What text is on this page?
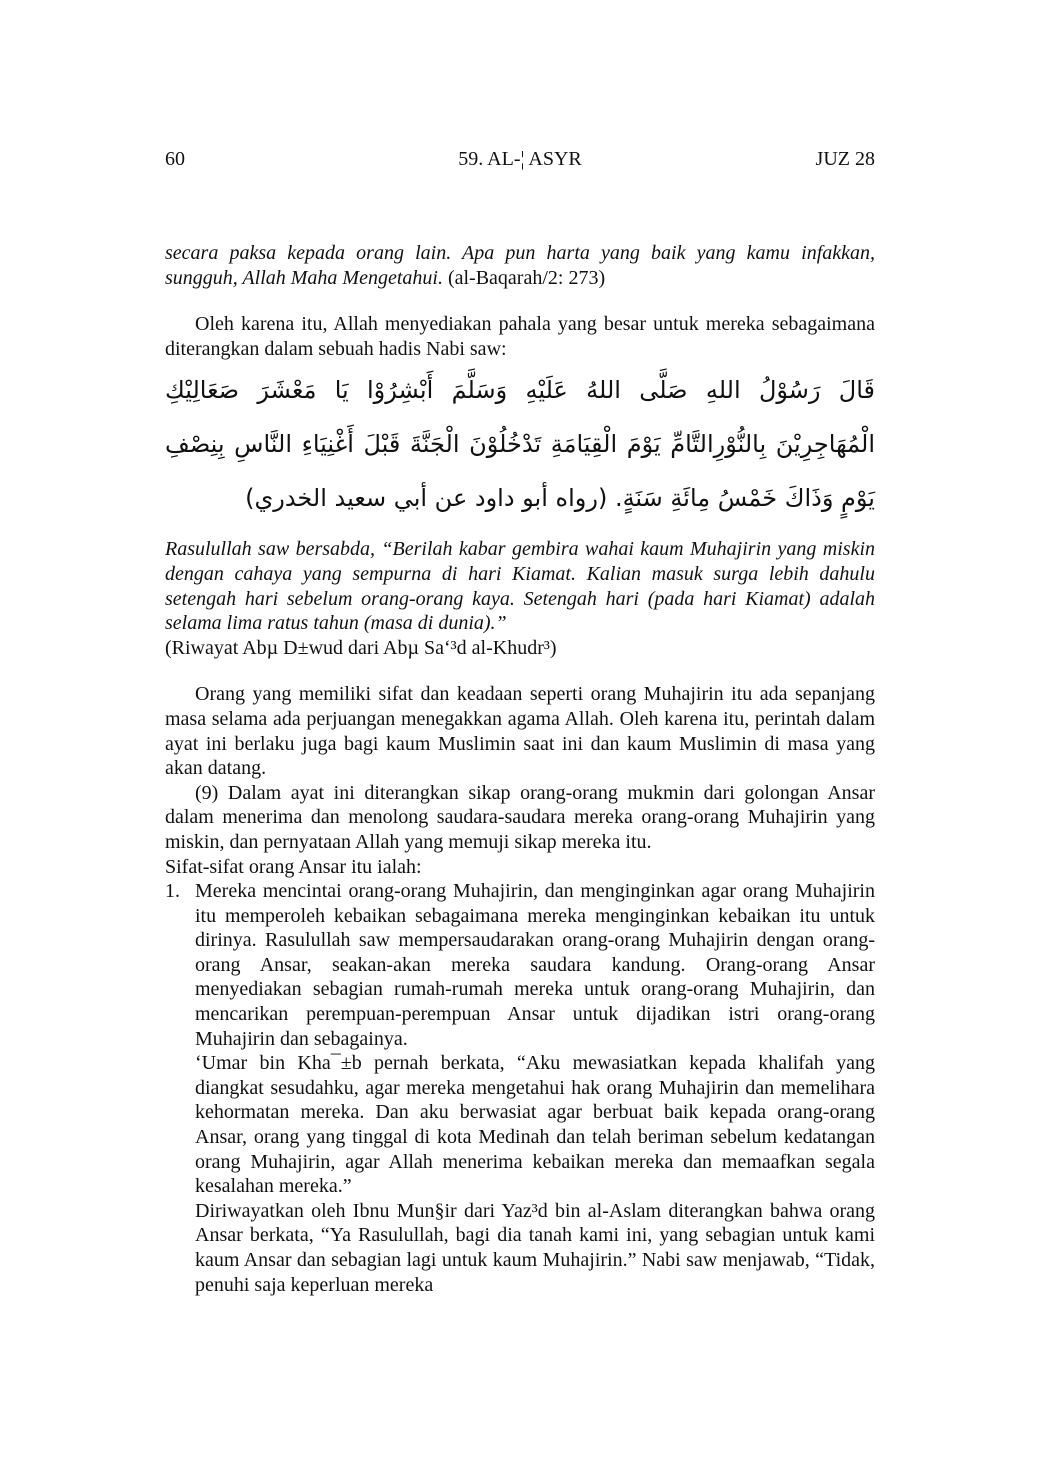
60	59. AL-¦ ASYR	JUZ 28
secara paksa kepada orang lain. Apa pun harta yang baik yang kamu infakkan, sungguh, Allah Maha Mengetahui. (al-Baqarah/2: 273)
Oleh karena itu, Allah menyediakan pahala yang besar untuk mereka sebagaimana diterangkan dalam sebuah hadis Nabi saw:
قَالَ رَسُوْلُ اللهِ صَلَّى اللهُ عَلَيْهِ وَسَلَّمَ أَبْشِرُوْا يَا مَعْشَرَ صَعَالِيْكِ الْمُهَاجِرِيْنَ بِالنُّوْرِالتَّامِّ يَوْمَ الْقِيَامَةِ تَدْخُلُوْنَ الْجَنَّةَ قَبْلَ أَغْنِيَاءِ النَّاسِ بِنِصْفِ يَوْمٍ وَذَاكَ خَمْسُ مِائَةِ سَنَةٍ. (رواه أبو داود عن أبي سعيد الخدري)
Rasulullah saw bersabda, “Berilah kabar gembira wahai kaum Muhajirin yang miskin dengan cahaya yang sempurna di hari Kiamat. Kalian masuk surga lebih dahulu setengah hari sebelum orang-orang kaya. Setengah hari (pada hari Kiamat) adalah selama lima ratus tahun (masa di dunia).”
(Riwayat Abµ D±wud dari Abµ Sa‘³d al-Khudr³)
Orang yang memiliki sifat dan keadaan seperti orang Muhajirin itu ada sepanjang masa selama ada perjuangan menegakkan agama Allah. Oleh karena itu, perintah dalam ayat ini berlaku juga bagi kaum Muslimin saat ini dan kaum Muslimin di masa yang akan datang.
(9) Dalam ayat ini diterangkan sikap orang-orang mukmin dari golongan Ansar dalam menerima dan menolong saudara-saudara mereka orang-orang Muhajirin yang miskin, dan pernyataan Allah yang memuji sikap mereka itu.
Sifat-sifat orang Ansar itu ialah:
1. Mereka mencintai orang-orang Muhajirin, dan menginginkan agar orang Muhajirin itu memperoleh kebaikan sebagaimana mereka menginginkan kebaikan itu untuk dirinya. Rasulullah saw mempersaudarakan orang-orang Muhajirin dengan orang-orang Ansar, seakan-akan mereka saudara kandung. Orang-orang Ansar menyediakan sebagian rumah-rumah mereka untuk orang-orang Muhajirin, dan mencarikan perempuan-perempuan Ansar untuk dijadikan istri orang-orang Muhajirin dan sebagainya.
‘Umar bin Kha¯±b pernah berkata, “Aku mewasiatkan kepada khalifah yang diangkat sesudahku, agar mereka mengetahui hak orang Muhajirin dan memelihara kehormatan mereka. Dan aku berwasiat agar berbuat baik kepada orang-orang Ansar, orang yang tinggal di kota Medinah dan telah beriman sebelum kedatangan orang Muhajirin, agar Allah menerima kebaikan mereka dan memaafkan segala kesalahan mereka.”
Diriwayatkan oleh Ibnu Mun§ir dari Yaz³d bin al-Aslam diterangkan bahwa orang Ansar berkata, “Ya Rasulullah, bagi dia tanah kami ini, yang sebagian untuk kami kaum Ansar dan sebagian lagi untuk kaum Muhajirin.” Nabi saw menjawab, “Tidak, penuhi saja keperluan mereka
